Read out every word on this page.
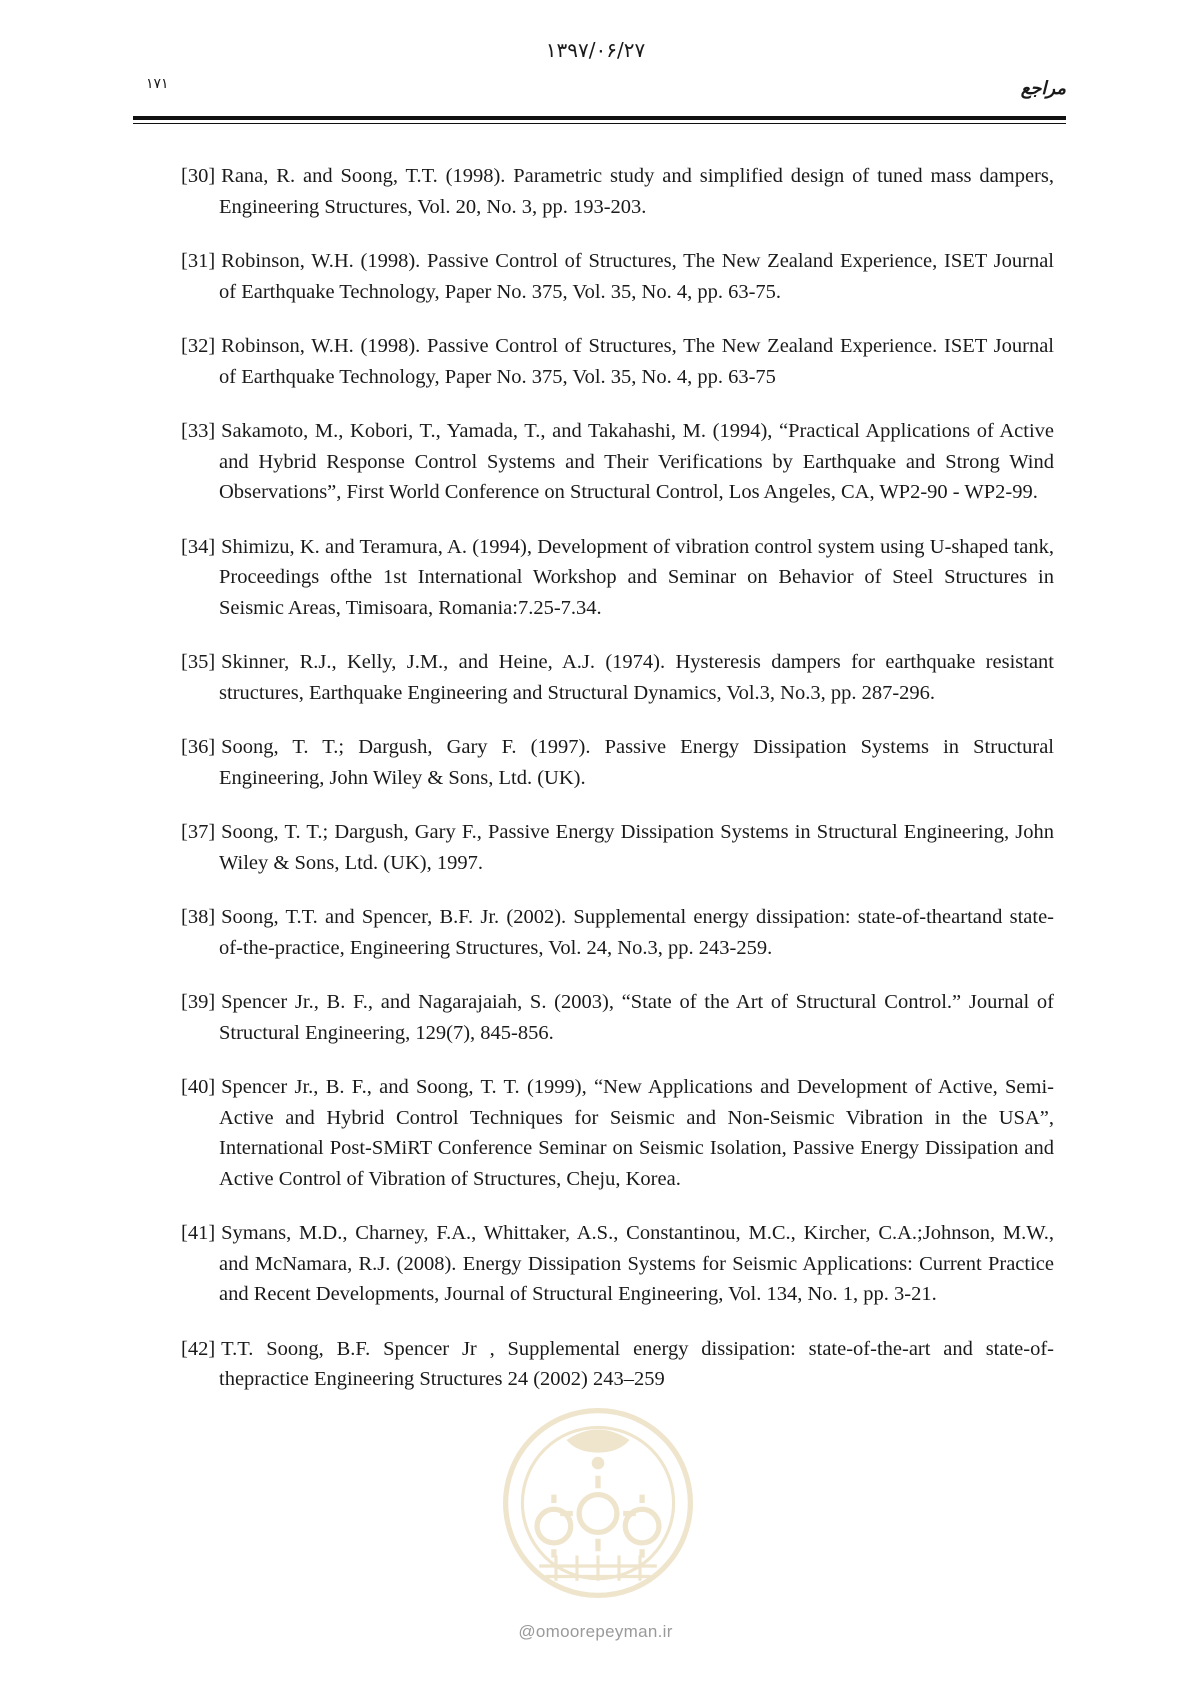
۱۳۹۷/۰۶/۲۷
۱۷۱	مراجع
[30] Rana, R. and Soong, T.T. (1998). Parametric study and simplified design of tuned mass dampers, Engineering Structures, Vol. 20, No. 3, pp. 193-203.
[31] Robinson, W.H. (1998). Passive Control of Structures, The New Zealand Experience, ISET Journal of Earthquake Technology, Paper No. 375, Vol. 35, No. 4, pp. 63-75.
[32] Robinson, W.H. (1998). Passive Control of Structures, The New Zealand Experience. ISET Journal of Earthquake Technology, Paper No. 375, Vol. 35, No. 4, pp. 63-75
[33] Sakamoto, M., Kobori, T., Yamada, T., and Takahashi, M. (1994), “Practical Applications of Active and Hybrid Response Control Systems and Their Verifications by Earthquake and Strong Wind Observations”, First World Conference on Structural Control, Los Angeles, CA, WP2-90 - WP2-99.
[34] Shimizu, K. and Teramura, A. (1994), Development of vibration control system using U-shaped tank, Proceedings ofthe 1st International Workshop and Seminar on Behavior of Steel Structures in Seismic Areas, Timisoara, Romania:7.25-7.34.
[35] Skinner, R.J., Kelly, J.M., and Heine, A.J. (1974). Hysteresis dampers for earthquake resistant structures, Earthquake Engineering and Structural Dynamics, Vol.3, No.3, pp. 287-296.
[36] Soong, T. T.; Dargush, Gary F. (1997). Passive Energy Dissipation Systems in Structural Engineering, John Wiley & Sons, Ltd. (UK).
[37] Soong, T. T.; Dargush, Gary F., Passive Energy Dissipation Systems in Structural Engineering, John Wiley & Sons, Ltd. (UK), 1997.
[38] Soong, T.T. and Spencer, B.F. Jr. (2002). Supplemental energy dissipation: state-of-theartand state-of-the-practice, Engineering Structures, Vol. 24, No.3, pp. 243-259.
[39] Spencer Jr., B. F., and Nagarajaiah, S. (2003), “State of the Art of Structural Control.” Journal of Structural Engineering, 129(7), 845-856.
[40] Spencer Jr., B. F., and Soong, T. T. (1999), “New Applications and Development of Active, Semi-Active and Hybrid Control Techniques for Seismic and Non-Seismic Vibration in the USA”, International Post-SMiRT Conference Seminar on Seismic Isolation, Passive Energy Dissipation and Active Control of Vibration of Structures, Cheju, Korea.
[41] Symans, M.D., Charney, F.A., Whittaker, A.S., Constantinou, M.C., Kircher, C.A.;Johnson, M.W., and McNamara, R.J. (2008). Energy Dissipation Systems for Seismic Applications: Current Practice and Recent Developments, Journal of Structural Engineering, Vol. 134, No. 1, pp. 3-21.
[42] T.T. Soong, B.F. Spencer Jr , Supplemental energy dissipation: state-of-the-art and state-of-thepractice Engineering Structures 24 (2002) 243–259
@omoorepeyman.ir
